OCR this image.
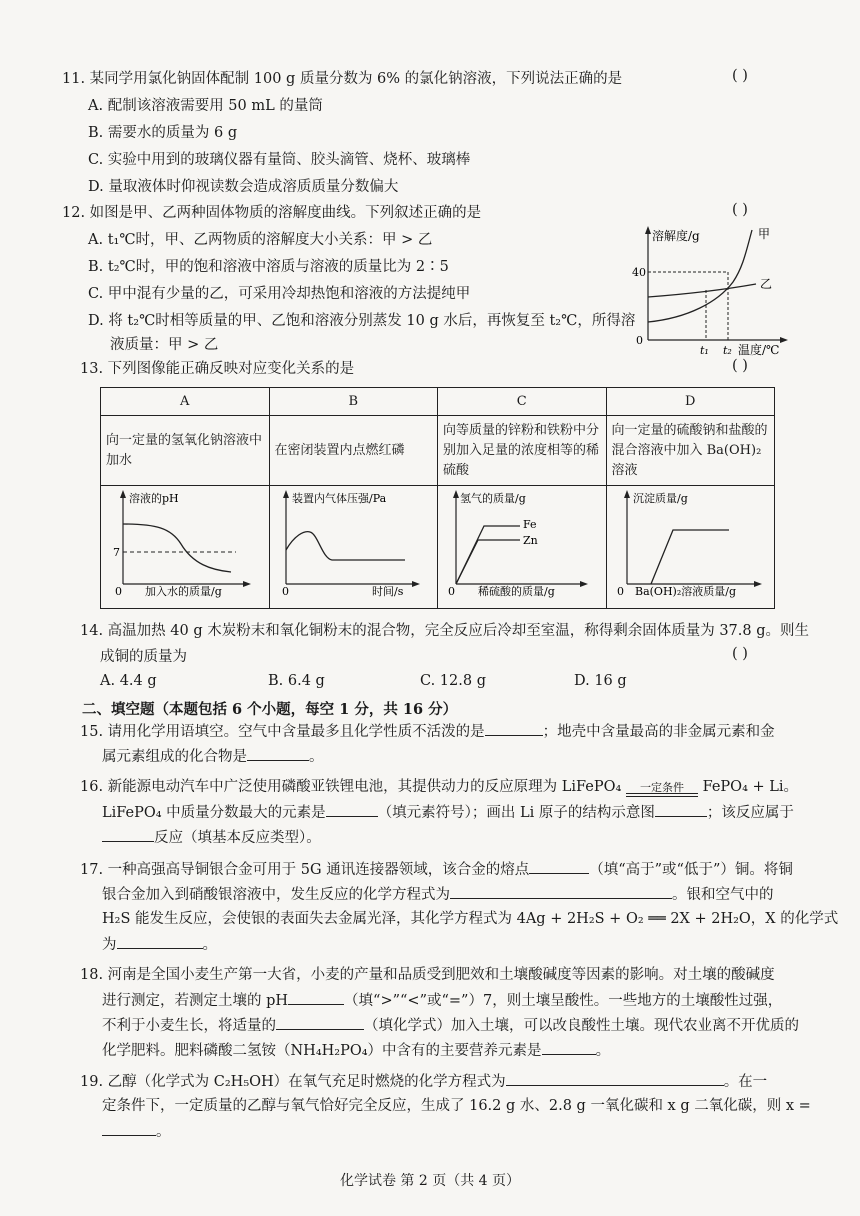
11. 某同学用氯化钠固体配制 100 g 质量分数为 6% 的氯化钠溶液，下列说法正确的是	( )
A. 配制该溶液需要用 50 mL 的量筒
B. 需要水的质量为 6 g
C. 实验中用到的玻璃仪器有量筒、胶头滴管、烧杯、玻璃棒
D. 量取液体时仰视读数会造成溶质质量分数偏大
12. 如图是甲、乙两种固体物质的溶解度曲线。下列叙述正确的是	( )
A. t₁℃时，甲、乙两物质的溶解度大小关系：甲 > 乙
B. t₂℃时，甲的饱和溶液中溶质与溶液的质量比为 2∶5
C. 甲中混有少量的乙，可采用冷却热饱和溶液的方法提纯甲
D. 将 t₂℃时相等质量的甲、乙饱和溶液分别蒸发 10 g 水后，再恢复至 t₂℃，所得溶
液质量：甲 > 乙
溶解度/g
40
0
t₁ t₂ 温度/℃
甲
乙
13. 下列图像能正确反映对应变化关系的是	( )
A	B	C	D
向一定量的氢氧化钠溶液中加水	在密闭装置内点燃红磷	向等质量的锌粉和铁粉中分别加入足量的浓度相等的稀硫酸	向一定量的硫酸钠和盐酸的混合溶液中加入 Ba(OH)₂ 溶液

溶液的pH
7
0 加入水的质量/g	装置内气体压强/Pa
0 时间/s	氢气的质量/g
Fe
Zn
0 稀硫酸的质量/g	沉淀质量/g
0 Ba(OH)₂溶液质量/g
14. 高温加热 40 g 木炭粉末和氧化铜粉末的混合物，完全反应后冷却至室温，称得剩余固体质量为 37.8 g。则生
成铜的质量为	( )
A. 4.4 g	B. 6.4 g	C. 12.8 g	D. 16 g
二、填空题（本题包括 6 个小题，每空 1 分，共 16 分）
15. 请用化学用语填空。空气中含量最多且化学性质不活泼的是	；地壳中含量最高的非金属元素和金
属元素组成的化合物是	。
16. 新能源电动汽车中广泛使用磷酸亚铁锂电池，其提供动力的反应原理为 LiFePO₄	一定条件	FePO₄ + Li。
LiFePO₄ 中质量分数最大的元素是	（填元素符号）；画出 Li 原子的结构示意图	；该反应属于
反应（填基本反应类型）。
17. 一种高强高导铜银合金可用于 5G 通讯连接器领域，该合金的熔点	（填“高于”或“低于”）铜。将铜
银合金加入到硝酸银溶液中，发生反应的化学方程式为	。银和空气中的
H₂S 能发生反应，会使银的表面失去金属光泽，其化学方程式为 4Ag + 2H₂S + O₂ ══ 2X + 2H₂O，X 的化学式
为	。
18. 河南是全国小麦生产第一大省，小麦的产量和品质受到肥效和土壤酸碱度等因素的影响。对土壤的酸碱度
进行测定，若测定土壤的 pH	（填“>”“<”或“=”）7，则土壤呈酸性。一些地方的土壤酸性过强，
不利于小麦生长，将适量的	（填化学式）加入土壤，可以改良酸性土壤。现代农业离不开优质的
化学肥料。肥料磷酸二氢铵（NH₄H₂PO₄）中含有的主要营养元素是	。
19. 乙醇（化学式为 C₂H₅OH）在氧气充足时燃烧的化学方程式为	。在一
定条件下，一定质量的乙醇与氧气恰好完全反应，生成了 16.2 g 水、2.8 g 一氧化碳和 x g 二氧化碳，则 x =
。
化学试卷 第 2 页（共 4 页）
